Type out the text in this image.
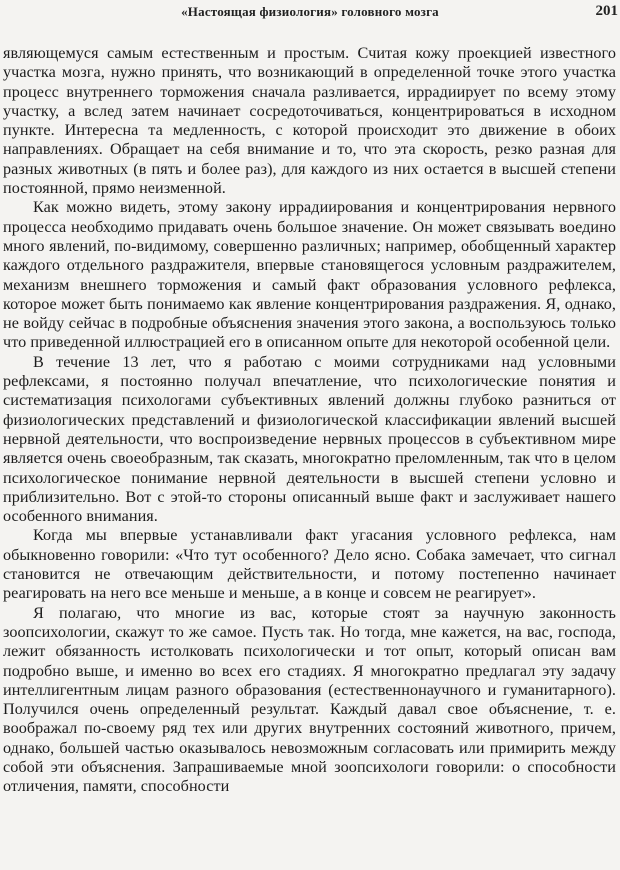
«Настоящая физиология» головного мозга	201

являющемуся самым естественным и простым. Считая кожу проекцией известного участка мозга, нужно принять, что возникающий в определенной точке этого участка процесс внутреннего торможения сначала разливается, иррадиирует по всему этому участку, а вслед затем начинает сосредоточиваться, концентрироваться в исходном пункте. Интересна та медленность, с которой происходит это движение в обоих направлениях. Обращает на себя внимание и то, что эта скорость, резко разная для разных животных (в пять и более раз), для каждого из них остается в высшей степени постоянной, прямо неизменной.

Как можно видеть, этому закону иррадиирования и концентрирования нервного процесса необходимо придавать очень большое значение. Он может связывать воедино много явлений, по-видимому, совершенно различных; например, обобщенный характер каждого отдельного раздражителя, впервые становящегося условным раздражителем, механизм внешнего торможения и самый факт образования условного рефлекса, которое может быть понимаемо как явление концентрирования раздражения. Я, однако, не войду сейчас в подробные объяснения значения этого закона, а воспользуюсь только что приведенной иллюстрацией его в описанном опыте для некоторой особенной цели.

В течение 13 лет, что я работаю с моими сотрудниками над условными рефлексами, я постоянно получал впечатление, что психологические понятия и систематизация психологами субъективных явлений должны глубоко разниться от физиологических представлений и физиологической классификации явлений высшей нервной деятельности, что воспроизведение нервных процессов в субъективном мире является очень своеобразным, так сказать, многократно преломленным, так что в целом психологическое понимание нервной деятельности в высшей степени условно и приблизительно. Вот с этой-то стороны описанный выше факт и заслуживает нашего особенного внимания.

Когда мы впервые устанавливали факт угасания условного рефлекса, нам обыкновенно говорили: «Что тут особенного? Дело ясно. Собака замечает, что сигнал становится не отвечающим действительности, и потому постепенно начинает реагировать на него все меньше и меньше, а в конце и совсем не реагирует».

Я полагаю, что многие из вас, которые стоят за научную законность зоопсихологии, скажут то же самое. Пусть так. Но тогда, мне кажется, на вас, господа, лежит обязанность истолковать психологически и тот опыт, который описан вам подробно выше, и именно во всех его стадиях. Я многократно предлагал эту задачу интеллигентным лицам разного образования (естественнонаучного и гуманитарного). Получился очень определенный результат. Каждый давал свое объяснение, т. е. воображал по-своему ряд тех или других внутренних состояний животного, причем, однако, большей частью оказывалось невозможным согласовать или примирить между собой эти объяснения. Запрашиваемые мной зоопсихологи говорили: о способности отличения, памяти, способности
